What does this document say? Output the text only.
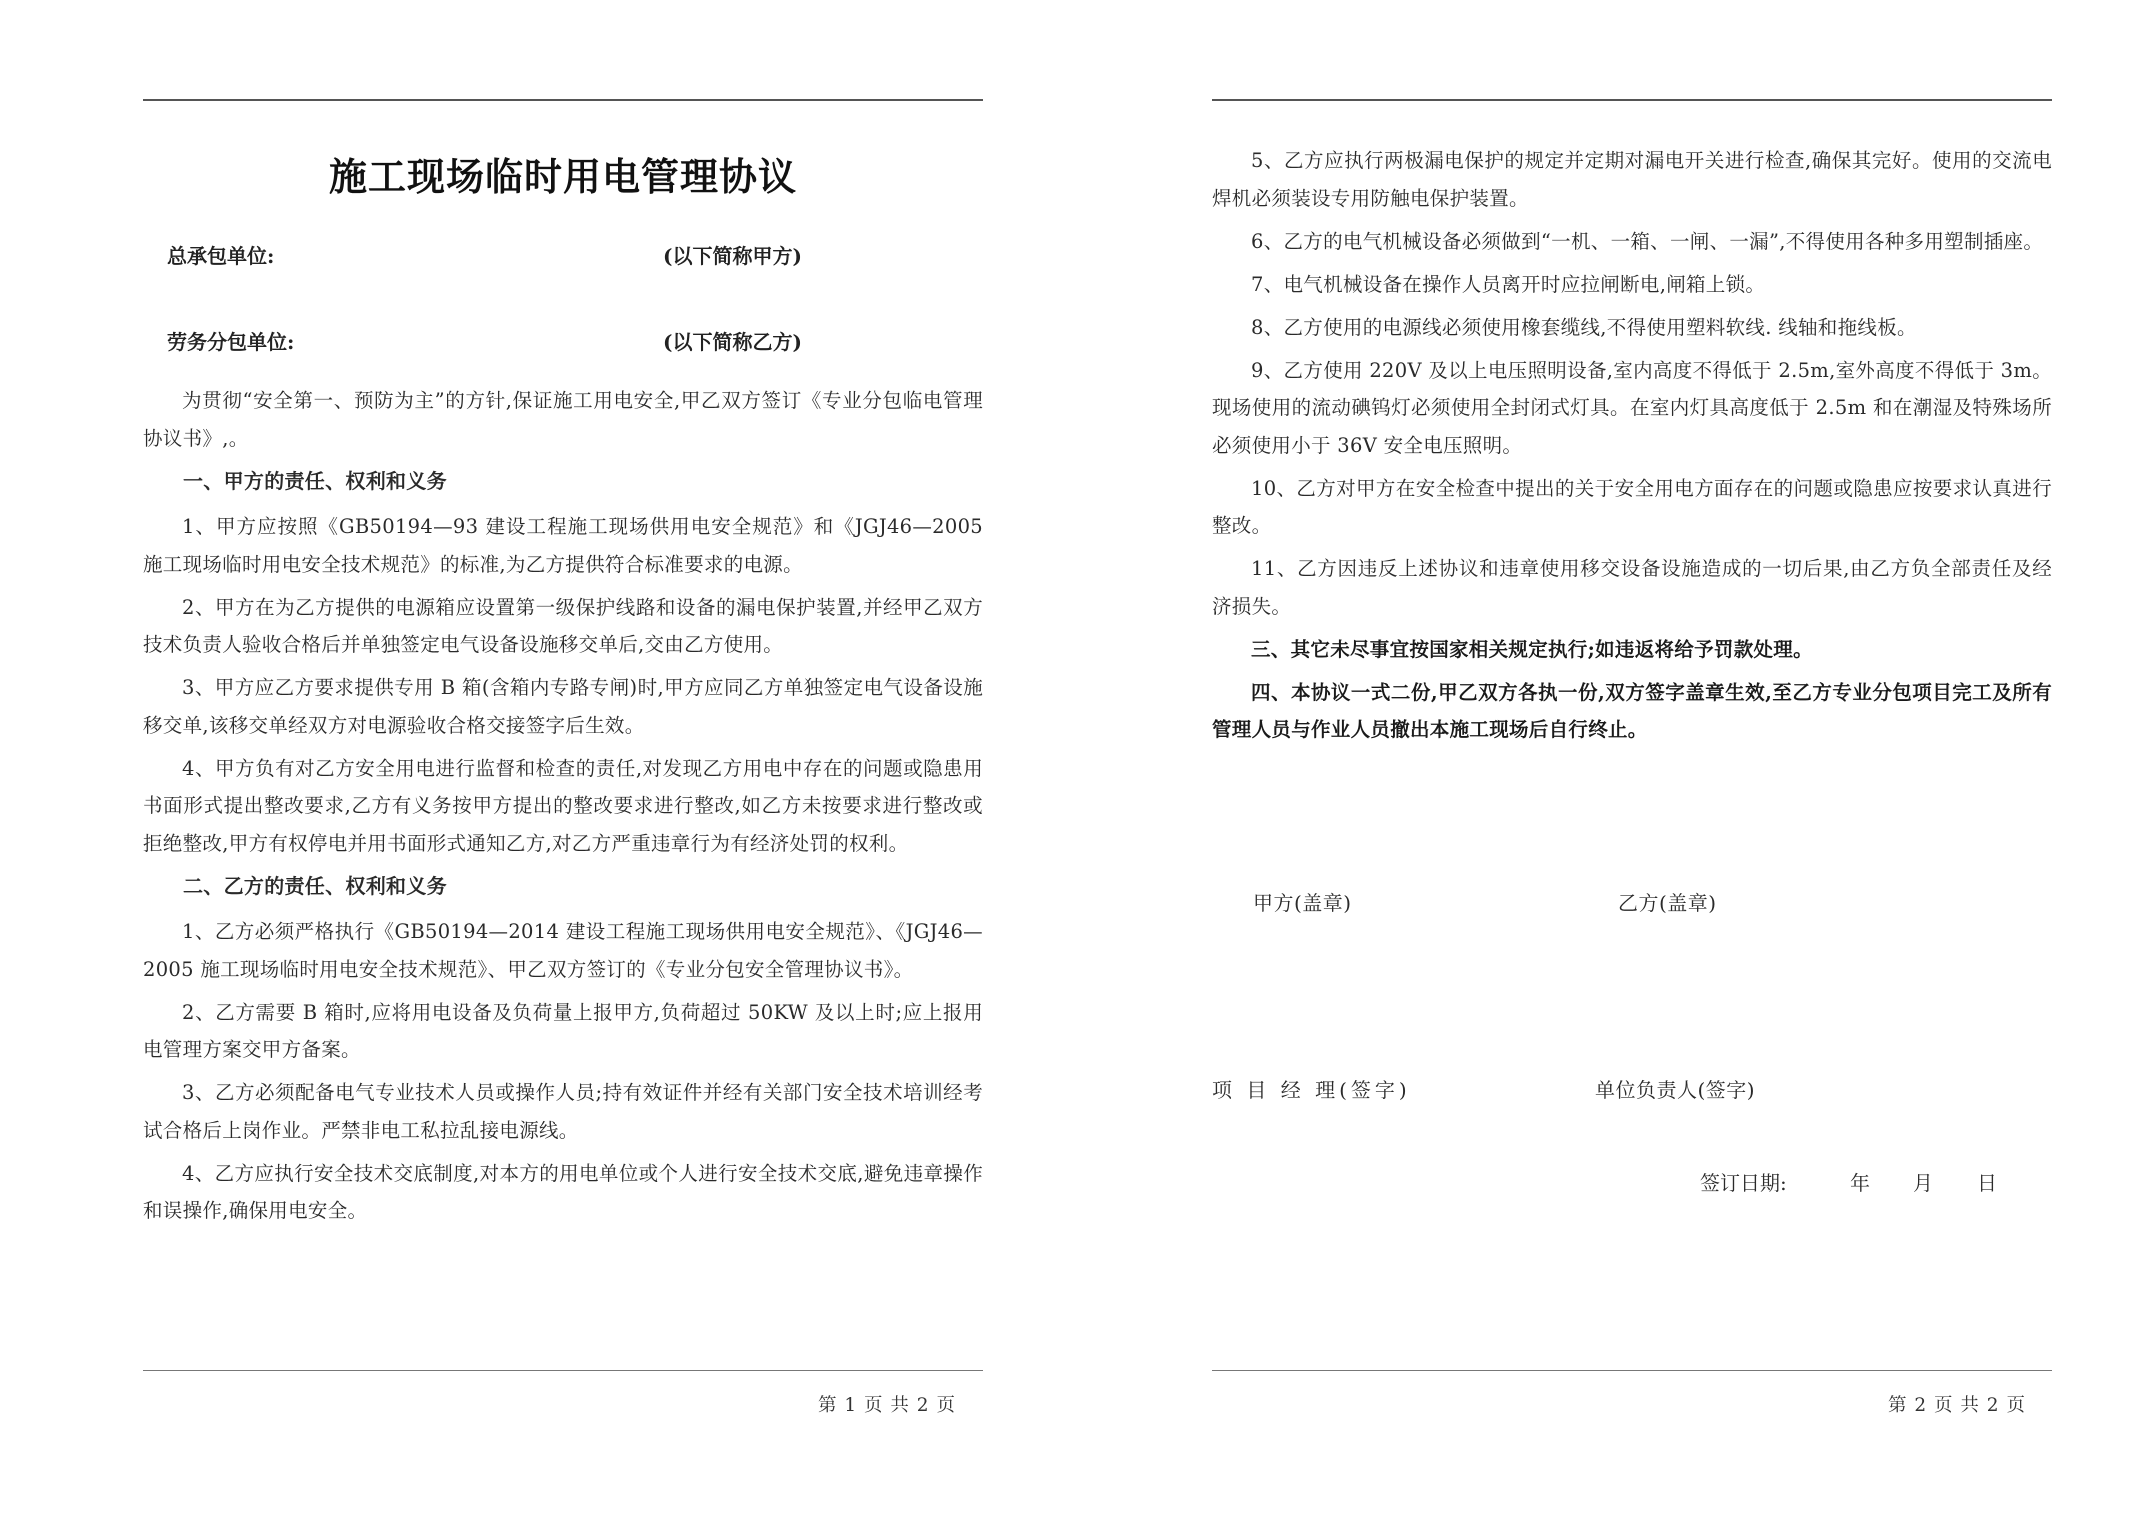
施工现场临时用电管理协议
总承包单位:	(以下简称甲方)
劳务分包单位:	(以下简称乙方)
为贯彻“安全第一、预防为主”的方针,保证施工用电安全,甲乙双方签订《专业分包临电管理协议书》,。
一、甲方的责任、权利和义务
1、甲方应按照《GB50194—93 建设工程施工现场供用电安全规范》和《JGJ46—2005 施工现场临时用电安全技术规范》的标准,为乙方提供符合标准要求的电源。
2、甲方在为乙方提供的电源箱应设置第一级保护线路和设备的漏电保护装置,并经甲乙双方技术负责人验收合格后并单独签定电气设备设施移交单后,交由乙方使用。
3、甲方应乙方要求提供专用 B 箱(含箱内专路专闸)时,甲方应同乙方单独签定电气设备设施移交单,该移交单经双方对电源验收合格交接签字后生效。
4、甲方负有对乙方安全用电进行监督和检查的责任,对发现乙方用电中存在的问题或隐患用书面形式提出整改要求,乙方有义务按甲方提出的整改要求进行整改,如乙方未按要求进行整改或拒绝整改,甲方有权停电并用书面形式通知乙方,对乙方严重违章行为有经济处罚的权利。
二、乙方的责任、权利和义务
1、乙方必须严格执行《GB50194—2014 建设工程施工现场供用电安全规范》、《JGJ46—2005 施工现场临时用电安全技术规范》、甲乙双方签订的《专业分包安全管理协议书》。
2、乙方需要 B 箱时,应将用电设备及负荷量上报甲方,负荷超过 50KW 及以上时;应上报用电管理方案交甲方备案。
3、乙方必须配备电气专业技术人员或操作人员;持有效证件并经有关部门安全技术培训经考试合格后上岗作业。严禁非电工私拉乱接电源线。
4、乙方应执行安全技术交底制度,对本方的用电单位或个人进行安全技术交底,避免违章操作和误操作,确保用电安全。
第 1 页 共 2 页
5、乙方应执行两极漏电保护的规定并定期对漏电开关进行检查,确保其完好。使用的交流电焊机必须装设专用防触电保护装置。
6、乙方的电气机械设备必须做到“一机、一箱、一闸、一漏”,不得使用各种多用塑制插座。
7、电气机械设备在操作人员离开时应拉闸断电,闸箱上锁。
8、乙方使用的电源线必须使用橡套缆线,不得使用塑料软线. 线轴和拖线板。
9、乙方使用 220V 及以上电压照明设备,室内高度不得低于 2.5m,室外高度不得低于 3m。现场使用的流动碘钨灯必须使用全封闭式灯具。在室内灯具高度低于 2.5m 和在潮湿及特殊场所必须使用小于 36V 安全电压照明。
10、乙方对甲方在安全检查中提出的关于安全用电方面存在的问题或隐患应按要求认真进行整改。
11、乙方因违反上述协议和违章使用移交设备设施造成的一切后果,由乙方负全部责任及经济损失。
三、其它未尽事宜按国家相关规定执行;如违返将给予罚款处理。
四、本协议一式二份,甲乙双方各执一份,双方签字盖章生效,至乙方专业分包项目完工及所有管理人员与作业人员撤出本施工现场后自行终止。
甲方(盖章)	乙方(盖章)
项 目 经 理(签字)	单位负责人(签字)
签订日期:	年 月 日
第 2 页 共 2 页
